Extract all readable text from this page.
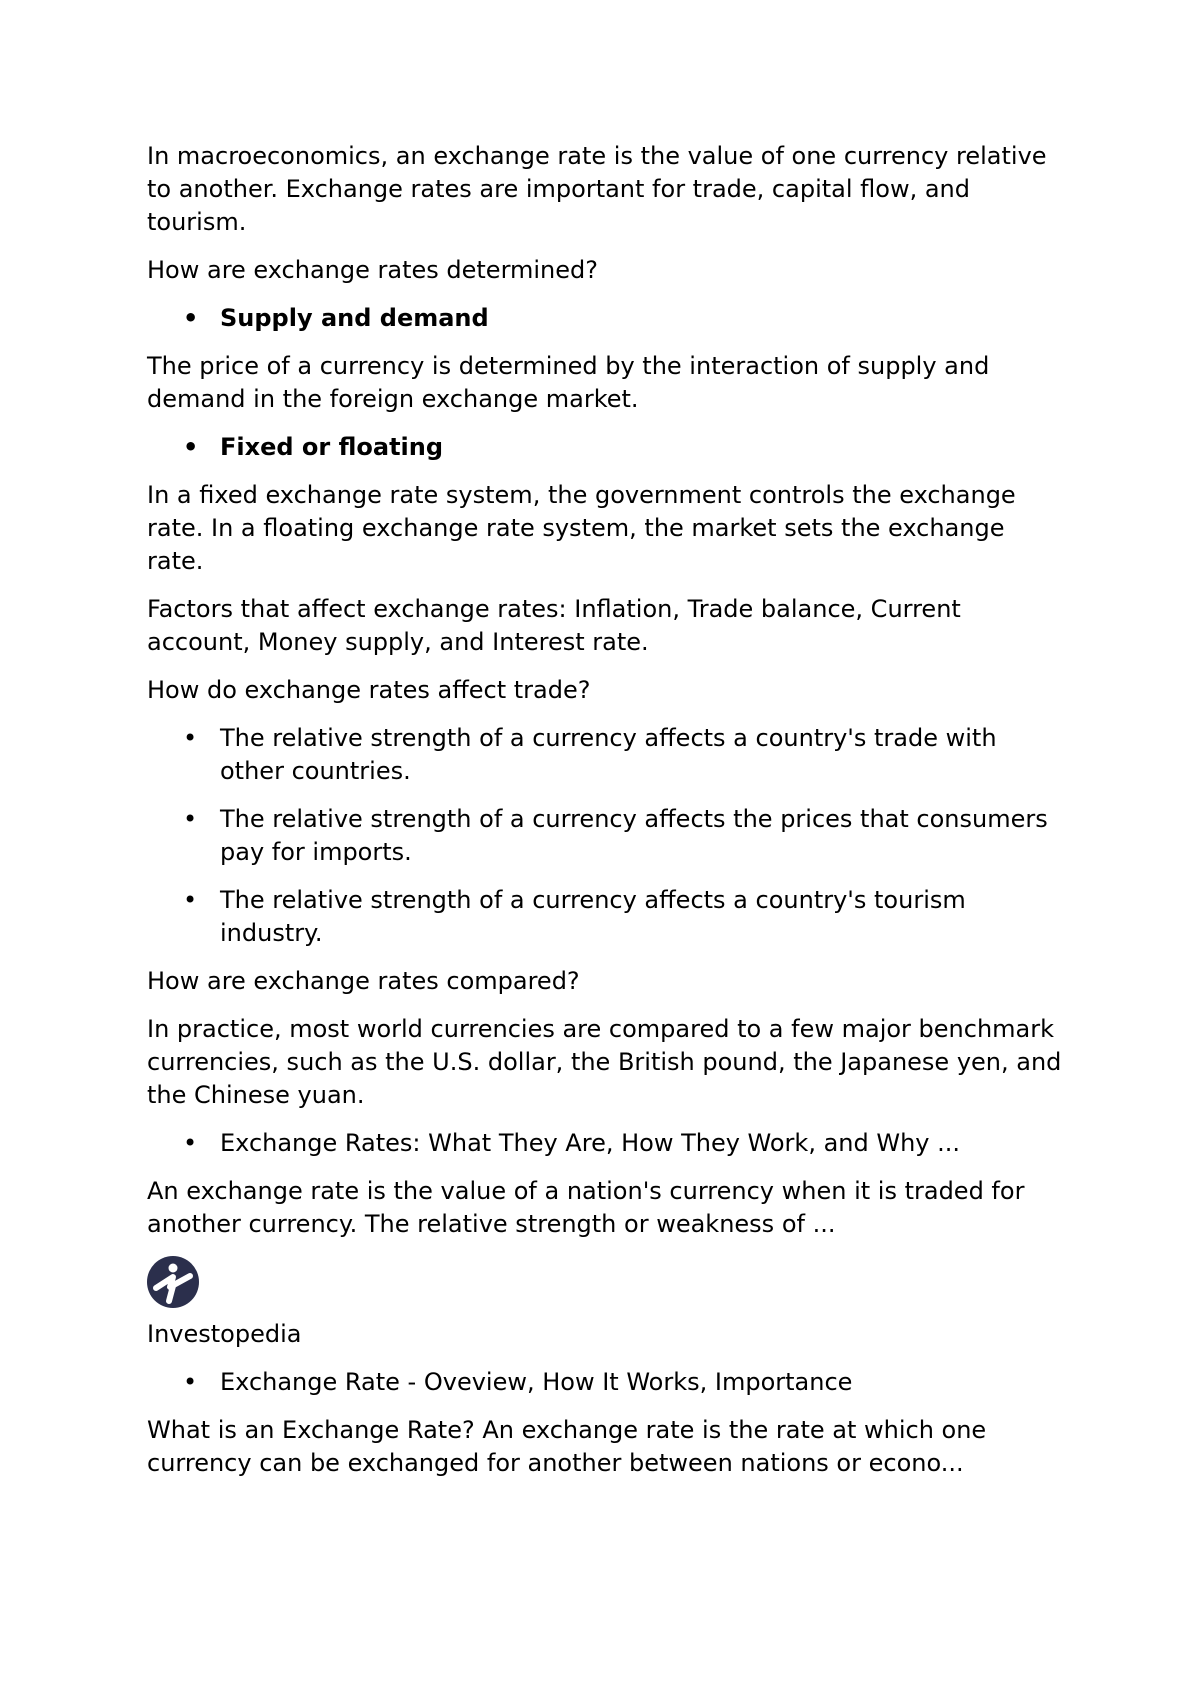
In macroeconomics, an exchange rate is the value of one currency relative to another. Exchange rates are important for trade, capital flow, and tourism.

How are exchange rates determined?

• Supply and demand

The price of a currency is determined by the interaction of supply and demand in the foreign exchange market.

• Fixed or floating

In a fixed exchange rate system, the government controls the exchange rate. In a floating exchange rate system, the market sets the exchange rate.

Factors that affect exchange rates: Inflation, Trade balance, Current account, Money supply, and Interest rate.

How do exchange rates affect trade?

• The relative strength of a currency affects a country's trade with other countries.
• The relative strength of a currency affects the prices that consumers pay for imports.
• The relative strength of a currency affects a country's tourism industry.

How are exchange rates compared?

In practice, most world currencies are compared to a few major benchmark currencies, such as the U.S. dollar, the British pound, the Japanese yen, and the Chinese yuan.

• Exchange Rates: What They Are, How They Work, and Why ...

An exchange rate is the value of a nation's currency when it is traded for another currency. The relative strength or weakness of ...

Investopedia

• Exchange Rate - Oveview, How It Works, Importance

What is an Exchange Rate? An exchange rate is the rate at which one currency can be exchanged for another between nations or econo...
